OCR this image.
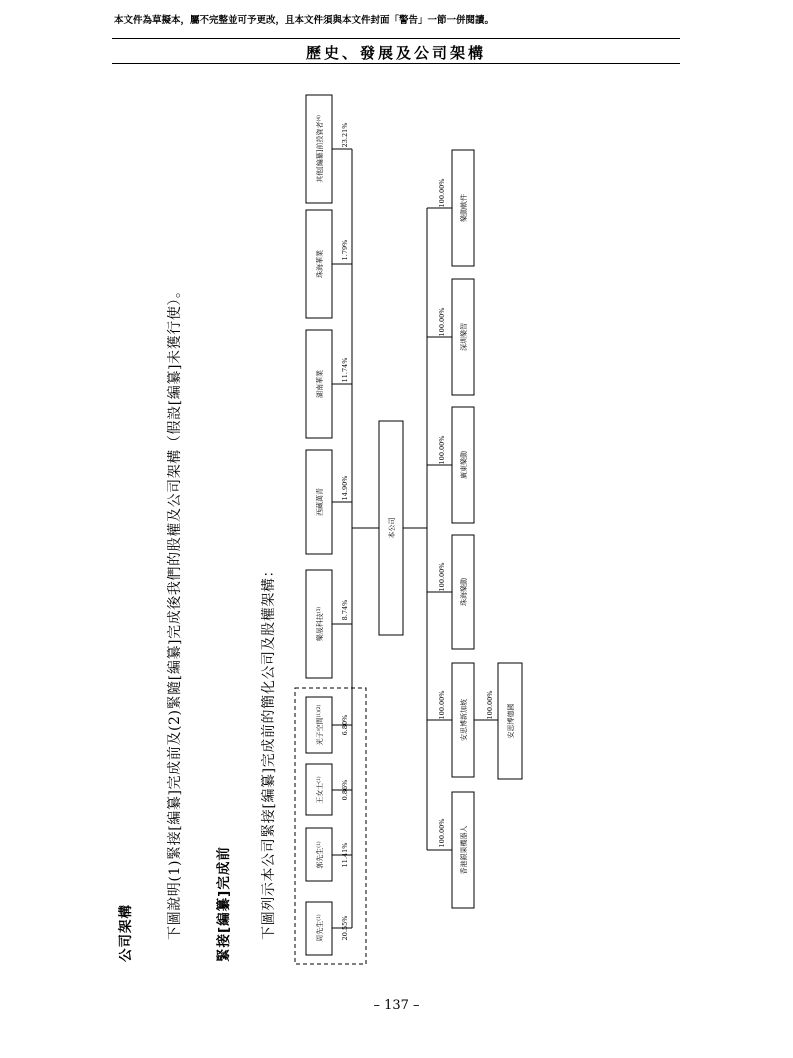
本文件為草擬本，屬不完整並可予更改，且本文件須與本文件封面「警告」一節一併閱讀。
歷史、發展及公司架構
公司架構 下圖說明(1)緊接[編纂]完成前及(2)緊隨[編纂]完成後我們的股權及公司架構（假設[編纂]未獲行使）。 緊接[編纂]完成前 下圖列示本公司緊接[編纂]完成前的簡化公司及股權架構：	周先生$^{(1)}$
郭先生$^{(1)}$
王女士$^{(1)}$
光子空間$^{(1)(2)}$
樂晟科技$^{(3)}$
西藏萬青
湖南華業
珠海華業
其他[編纂]前投資者$^{(4)}$
20.55%
11.41%
0.86%
6.80%
8.74%
14.90%
11.74%
1.79%
23.21%
本公司
100.00%
100.00%
100.00%
100.00%
100.00%
100.00%
100.00%
香港銀果機器人
安思博新加坡
珠海樂動
廣東樂動
深圳樂智
樂動軟件
安思博德國
– 137 –
